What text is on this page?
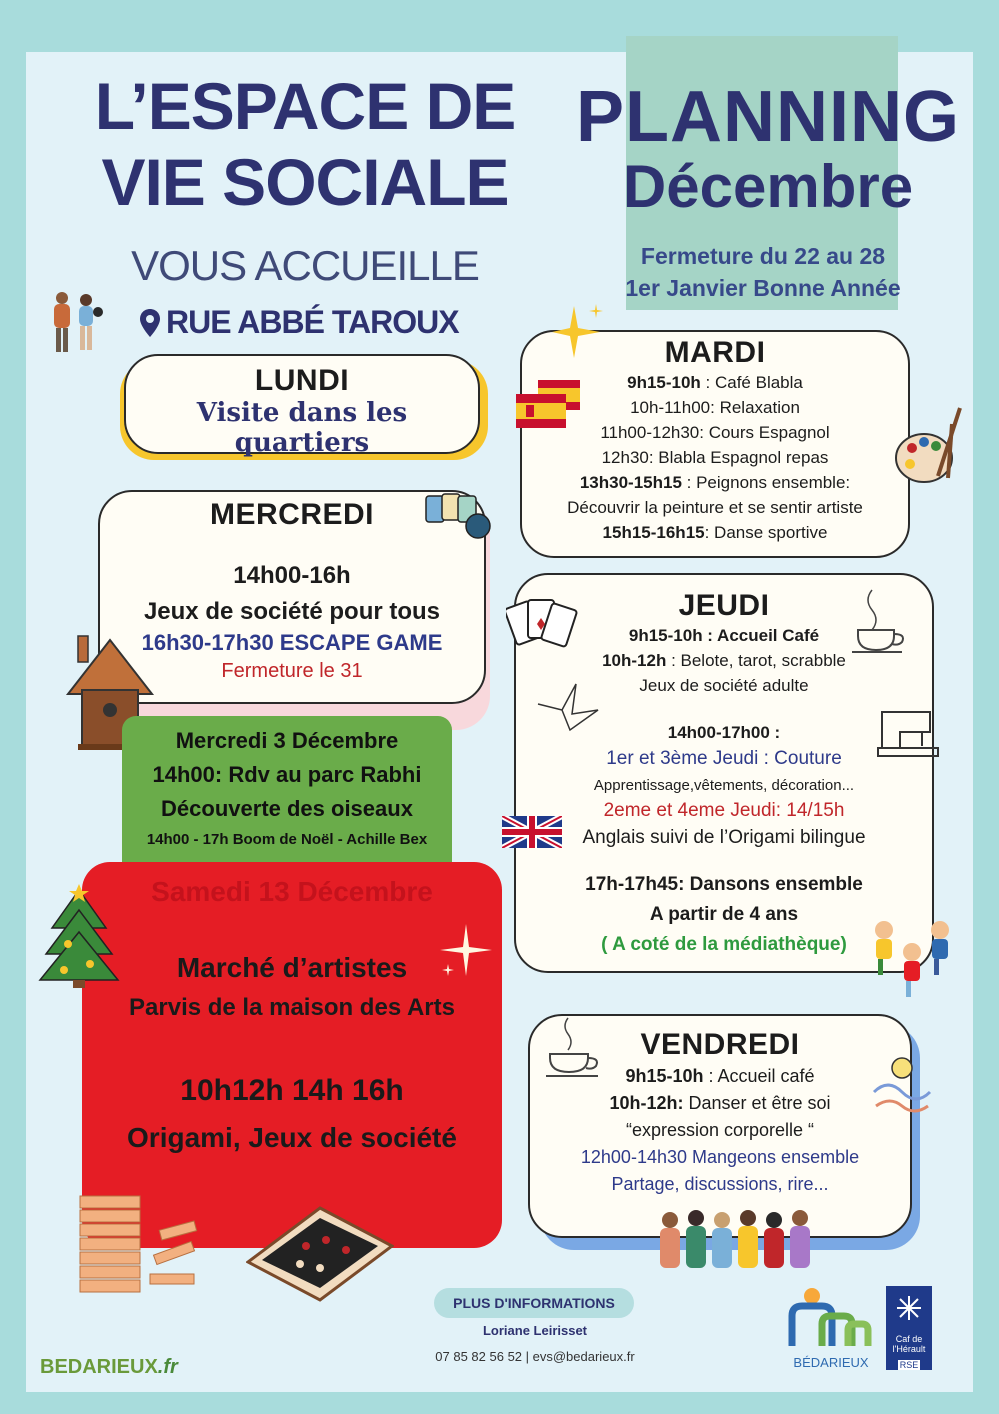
L’ESPACE DE
VIE SOCIALE
VOUS ACCUEILLE
RUE ABBÉ TAROUX
PLANNING
Décembre
Fermeture du 22 au 28
1er Janvier Bonne Année
LUNDI
Visite dans les quartiers
MERCREDI
14h00-16h
Jeux de société pour tous
16h30-17h30 ESCAPE GAME
Fermeture le 31
Mercredi 3 Décembre
14h00: Rdv au parc Rabhi
Découverte des oiseaux
14h00 - 17h Boom de Noël - Achille Bex
Samedi 13 Décembre
Marché d’artistes
Parvis de la maison des Arts
10h12h 14h 16h
Origami, Jeux de société
MARDI
9h15-10h : Café Blabla
10h-11h00: Relaxation
11h00-12h30: Cours Espagnol
12h30: Blabla Espagnol repas
13h30-15h15 : Peignons ensemble:
Découvrir la peinture et se sentir artiste
15h15-16h15: Danse sportive
JEUDI
9h15-10h : Accueil Café
10h-12h : Belote, tarot, scrabble
Jeux de société adulte
14h00-17h00 :
1er et 3ème Jeudi : Couture
Apprentissage,vêtements, décoration...
2eme et 4eme Jeudi: 14/15h
Anglais suivi de l’Origami bilingue
17h-17h45: Dansons ensemble
A partir de 4 ans
( A coté de la médiathèque)
VENDREDI
9h15-10h : Accueil café
10h-12h: Danser et être soi
“expression corporelle “
12h00-14h30 Mangeons ensemble
Partage, discussions, rire...
PLUS D'INFORMATIONS
Loriane Leirisset
07 85 82 56 52 | evs@bedarieux.fr
BEDARIEUX.fr	BÉDARIEUX
Caf de l'Hérault
RSE
